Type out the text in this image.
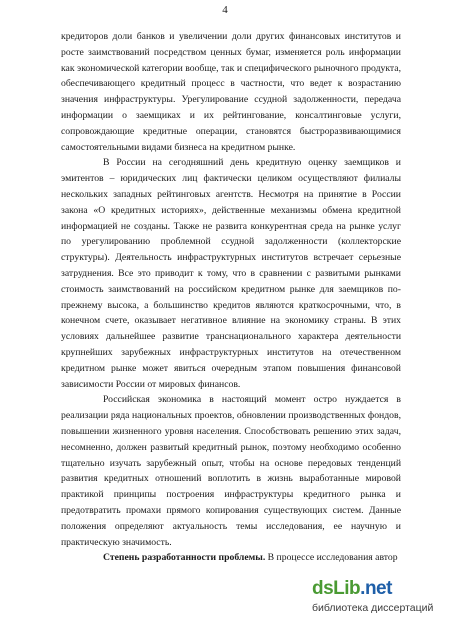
4

кредиторов доли банков и увеличении доли других финансовых институтов и росте заимствований посредством ценных бумаг, изменяется роль информации как экономической категории вообще, так и специфического рыночного продукта, обеспечивающего кредитный процесс в частности, что ведет к возрастанию значения инфраструктуры. Урегулирование ссудной задолженности, передача информации о заемщиках и их рейтингование, консалтинговые услуги, сопровождающие кредитные операции, становятся быстроразвивающимися самостоятельными видами бизнеса на кредитном рынке.

В России на сегодняшний день кредитную оценку заемщиков и эмитентов – юридических лиц фактически целиком осуществляют филиалы нескольких западных рейтинговых агентств. Несмотря на принятие в России закона «О кредитных историях», действенные механизмы обмена кредитной информацией не созданы. Также не развита конкурентная среда на рынке услуг по урегулированию проблемной ссудной задолженности (коллекторские структуры). Деятельность инфраструктурных институтов встречает серьезные затруднения. Все это приводит к тому, что в сравнении с развитыми рынками стоимость заимствований на российском кредитном рынке для заемщиков по-прежнему высока, а большинство кредитов являются краткосрочными, что, в конечном счете, оказывает негативное влияние на экономику страны. В этих условиях дальнейшее развитие транснационального характера деятельности крупнейших зарубежных инфраструктурных институтов на отечественном кредитном рынке может явиться очередным этапом повышения финансовой зависимости России от мировых финансов.

Российская экономика в настоящий момент остро нуждается в реализации ряда национальных проектов, обновлении производственных фондов, повышении жизненного уровня населения. Способствовать решению этих задач, несомненно, должен развитый кредитный рынок, поэтому необходимо особенно тщательно изучать зарубежный опыт, чтобы на основе передовых тенденций развития кредитных отношений воплотить в жизнь выработанные мировой практикой принципы построения инфраструктуры кредитного рынка и предотвратить промахи прямого копирования существующих систем. Данные положения определяют актуальность темы исследования, ее научную и практическую значимость.

Степень разработанности проблемы. В процессе исследования автор

dsLib.net
библиотека диссертаций
